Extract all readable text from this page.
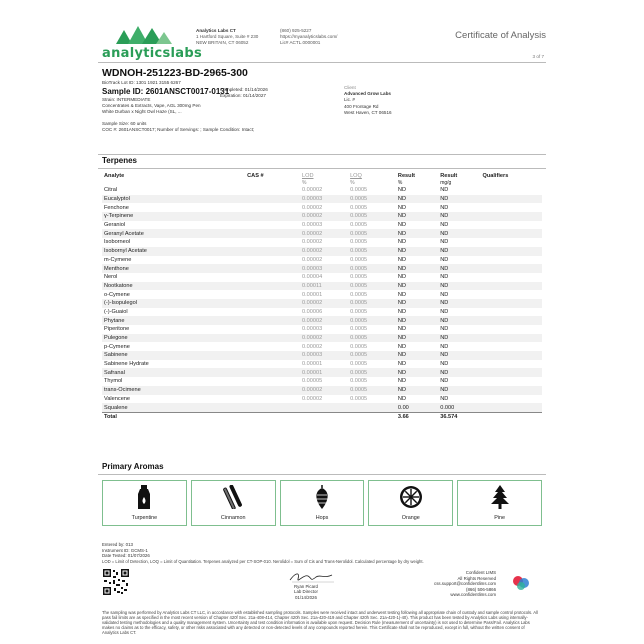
analyticslabs
Analytics Labs CT
1 Hartford Square, Suite # 230
NEW BRITAIN, CT 06052
(860) 925-5227
https://myanalyticslabs.com/
Lic# ACTL.0000001
Certificate of Analysis
3 of 7
WDNOH-251223-BD-2965-300
BioTrack Lot ID: 1301 1921 3155 6267
Sample ID: 2601ANSCT0017-0131
Completed: 01/14/2026
Expiration: 01/14/2027
Strain: INTERMEDIATE
Concentrates & Extracts, Vape, AGL 300mg Pen
White Durban x Night Owl Haze (SL, ...
Sample Size: 60 units
COC #: 2601ANSCT0017; Number of Servings: ; Sample Condition: Intact;
Client
Advanced Grow Labs
Lic. #
400 Frontage Rd
West Haven, CT 06516
Terpenes
Analyte	CAS #	LOD	LOQ	Result	Result	Qualifiers
		%	%	%	mg/g	
Citral		0.00002	0.0005	ND	ND	
Eucalyptol		0.00003	0.0005	ND	ND	
Fenchone		0.00002	0.0005	ND	ND	
γ-Terpinene		0.00002	0.0005	ND	ND	
Geraniol		0.00003	0.0005	ND	ND	
Geranyl Acetate		0.00002	0.0005	ND	ND	
Isoborneol		0.00002	0.0005	ND	ND	
Isobornyl Acetate		0.00002	0.0005	ND	ND	
m-Cymene		0.00002	0.0005	ND	ND	
Menthone		0.00003	0.0005	ND	ND	
Nerol		0.00004	0.0005	ND	ND	
Nootkatone		0.00011	0.0005	ND	ND	
o-Cymene		0.00001	0.0005	ND	ND	
(-)-Isopulegol		0.00002	0.0005	ND	ND	
(-)-Guaiol		0.00006	0.0005	ND	ND	
Phytane		0.00002	0.0005	ND	ND	
Piperitone		0.00003	0.0005	ND	ND	
Pulegone		0.00002	0.0005	ND	ND	
p-Cymene		0.00002	0.0005	ND	ND	
Sabinene		0.00003	0.0005	ND	ND	
Sabinene Hydrate		0.00001	0.0005	ND	ND	
Safranal		0.00001	0.0005	ND	ND	
Thymol		0.00005	0.0005	ND	ND	
trans-Ocimene		0.00002	0.0005	ND	ND	
Valencene		0.00002	0.0005	ND	ND	
Squalene				0.00	0.000	
Total				3.66	36.574	
Primary Aromas
Turpentine	Cinnamon	Hops	Orange	Pine
Entered by: 013
Instrument ID: GCMS-1
Date Tested: 01/07/2026
LOD = Limit of Detection, LOQ = Limit of Quantitation. Terpenes analyzed per CT-SOP-010. Nerolidol = Sum of Cis and Trans-Nerolidol. Calculated percentage by dry weight.
Ryan Picard
Lab Director
01/14/2026
Confident LIMS
All Rights Reserved
css.support@confidentlims.com
(866) 506-5866
www.confidentlims.com
The sampling was performed by Analytics Labs CT LLC, in accordance with established sampling protocols. Samples were received intact and underwent testing following all appropriate chain of custody and sample control protocols. All pass fail limits are as specified in the most recent version of Chapter 420f Sec. 21a-408-414, Chapter 420h Sec. 21a-420-419 and Chapter 420h Sec. 21a-420-1(-40). This product has been tested by Analytics Labs using internally-validated testing methodologies and a quality management system. Uncertainty and test condition information is available upon request. Decision Rule (measurement of uncertainty) is not used to determine Pass/Fail. Analytics Labs makes no claims as to the efficacy, safety, or other risks associated with any detected or non-detected levels of any compounds reported herein. This Certificate shall not be reproduced, except in full, without the written consent of Analytics Labs CT.
